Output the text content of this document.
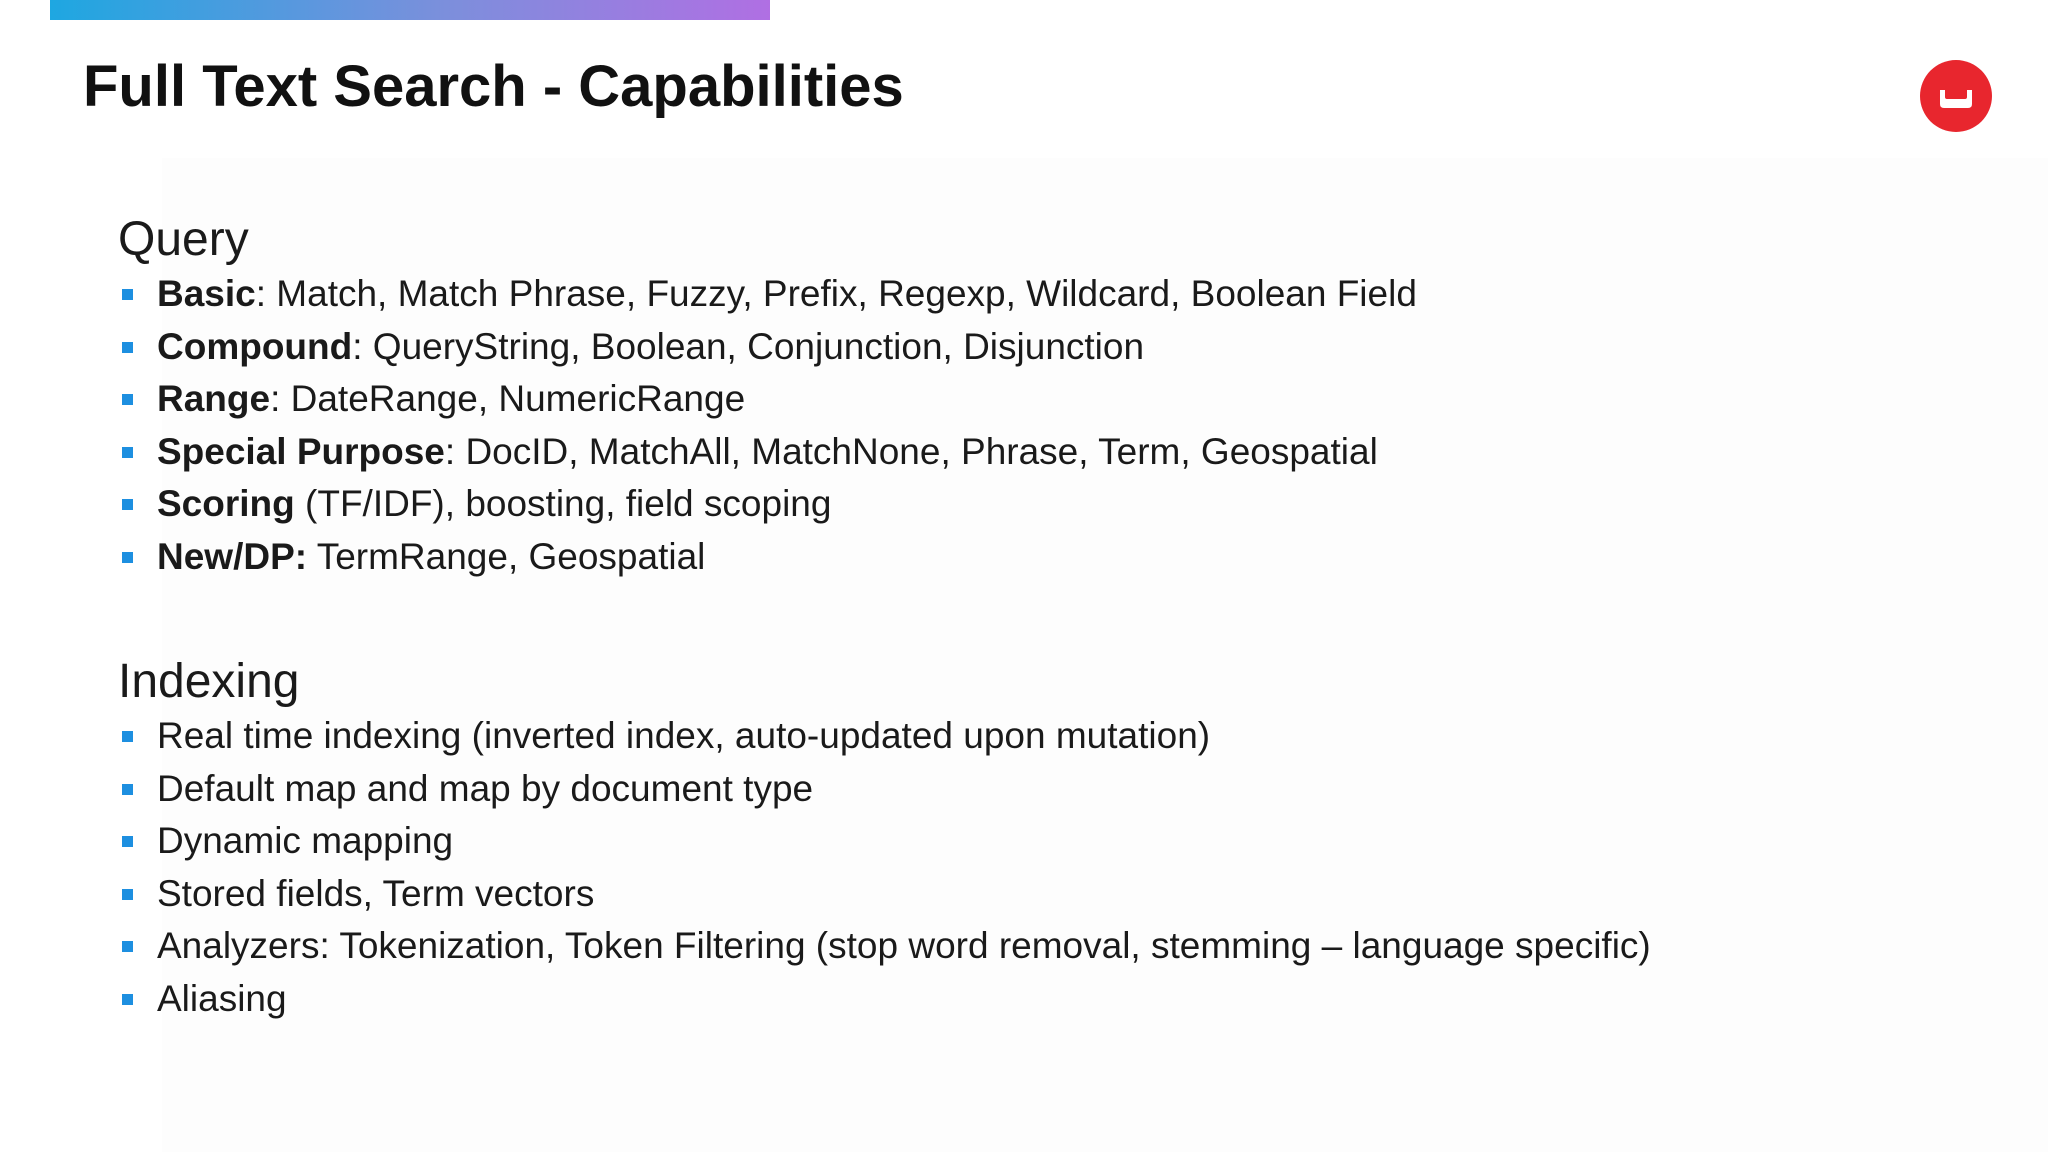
Full Text Search - Capabilities
Query
Basic: Match, Match Phrase, Fuzzy, Prefix, Regexp, Wildcard, Boolean Field
Compound: QueryString, Boolean, Conjunction, Disjunction
Range: DateRange, NumericRange
Special Purpose: DocID, MatchAll, MatchNone, Phrase, Term, Geospatial
Scoring (TF/IDF), boosting, field scoping
New/DP: TermRange, Geospatial
Indexing
Real time indexing (inverted index, auto-updated upon mutation)
Default map and map by document type
Dynamic mapping
Stored fields, Term vectors
Analyzers: Tokenization, Token Filtering (stop word removal, stemming – language specific)
Aliasing
